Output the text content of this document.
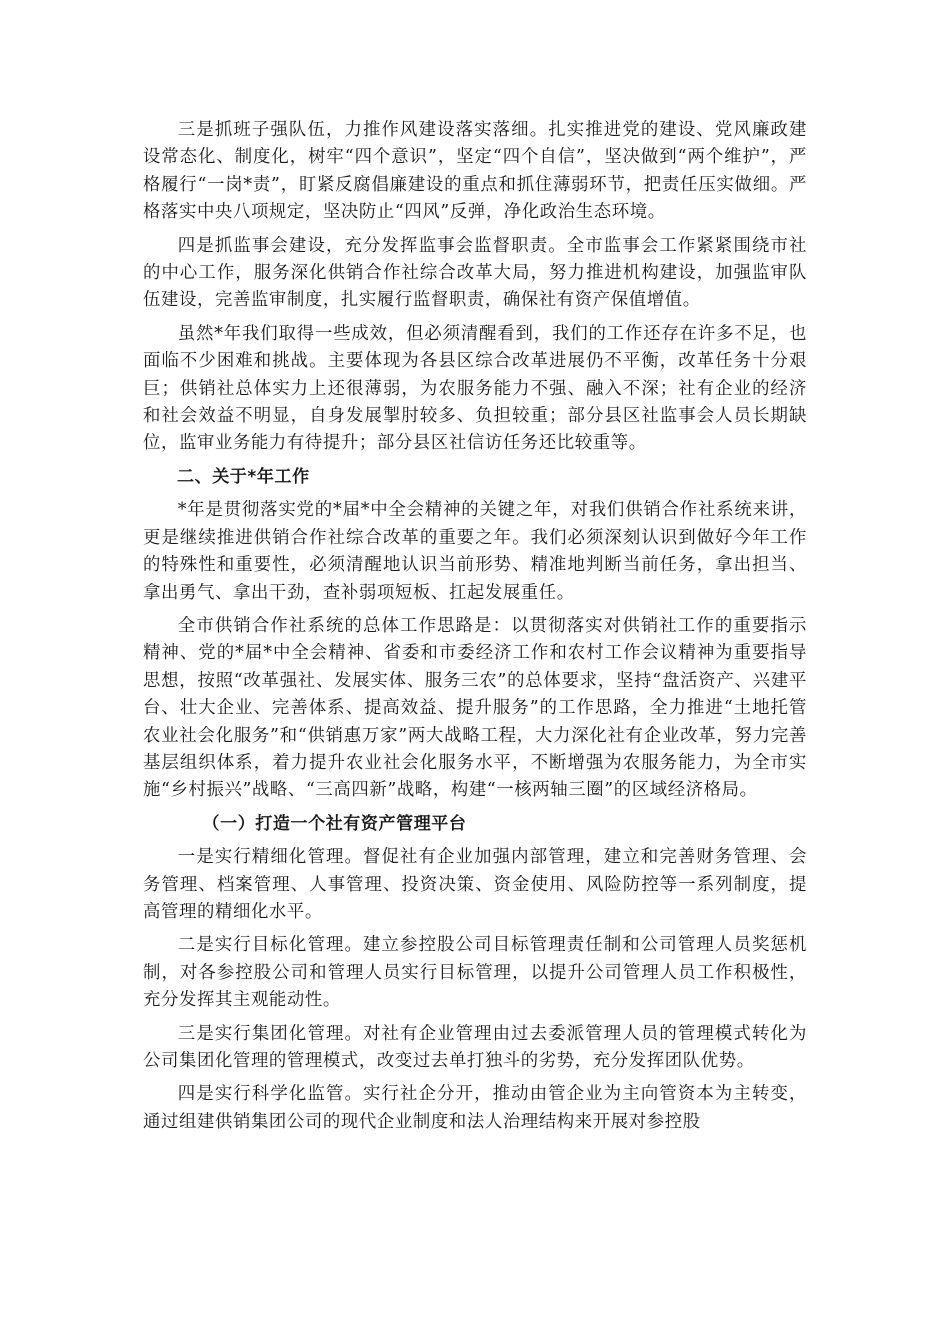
三是抓班子强队伍，力推作风建设落实落细。扎实推进党的建设、党风廉政建设常态化、制度化，树牢“四个意识”，坚定“四个自信”，坚决做到“两个维护”，严格履行“一岗*责”，盯紧反腐倡廉建设的重点和抓住薄弱环节，把责任压实做细。严格落实中央八项规定，坚决防止“四风”反弹，净化政治生态环境。

四是抓监事会建设，充分发挥监事会监督职责。全市监事会工作紧紧围绕市社的中心工作，服务深化供销合作社综合改革大局，努力推进机构建设，加强监审队伍建设，完善监审制度，扎实履行监督职责，确保社有资产保值增值。

虽然*年我们取得一些成效，但必须清醒看到，我们的工作还存在许多不足，也面临不少困难和挑战。主要体现为各县区综合改革进展仍不平衡，改革任务十分艰巨；供销社总体实力上还很薄弱，为农服务能力不强、融入不深；社有企业的经济和社会效益不明显，自身发展掣肘较多、负担较重；部分县区社监事会人员长期缺位，监审业务能力有待提升；部分县区社信访任务还比较重等。

二、关于*年工作

*年是贯彻落实党的*届*中全会精神的关键之年，对我们供销合作社系统来讲，更是继续推进供销合作社综合改革的重要之年。我们必须深刻认识到做好今年工作的特殊性和重要性，必须清醒地认识当前形势、精准地判断当前任务，拿出担当、拿出勇气、拿出干劲，查补弱项短板、扛起发展重任。

全市供销合作社系统的总体工作思路是：以贯彻落实对供销社工作的重要指示精神、党的*届*中全会精神、省委和市委经济工作和农村工作会议精神为重要指导思想，按照“改革强社、发展实体、服务三农”的总体要求，坚持“盘活资产、兴建平台、壮大企业、完善体系、提高效益、提升服务”的工作思路，全力推进“土地托管农业社会化服务”和“供销惠万家”两大战略工程，大力深化社有企业改革，努力完善基层组织体系，着力提升农业社会化服务水平，不断增强为农服务能力，为全市实施“乡村振兴”战略、“三高四新”战略，构建“一核两轴三圈”的区域经济格局。

（一）打造一个社有资产管理平台

一是实行精细化管理。督促社有企业加强内部管理，建立和完善财务管理、会务管理、档案管理、人事管理、投资决策、资金使用、风险防控等一系列制度，提高管理的精细化水平。

二是实行目标化管理。建立参控股公司目标管理责任制和公司管理人员奖惩机制，对各参控股公司和管理人员实行目标管理，以提升公司管理人员工作积极性，充分发挥其主观能动性。

三是实行集团化管理。对社有企业管理由过去委派管理人员的管理模式转化为公司集团化管理的管理模式，改变过去单打独斗的劣势，充分发挥团队优势。

四是实行科学化监管。实行社企分开，推动由管企业为主向管资本为主转变，通过组建供销集团公司的现代企业制度和法人治理结构来开展对参控股
